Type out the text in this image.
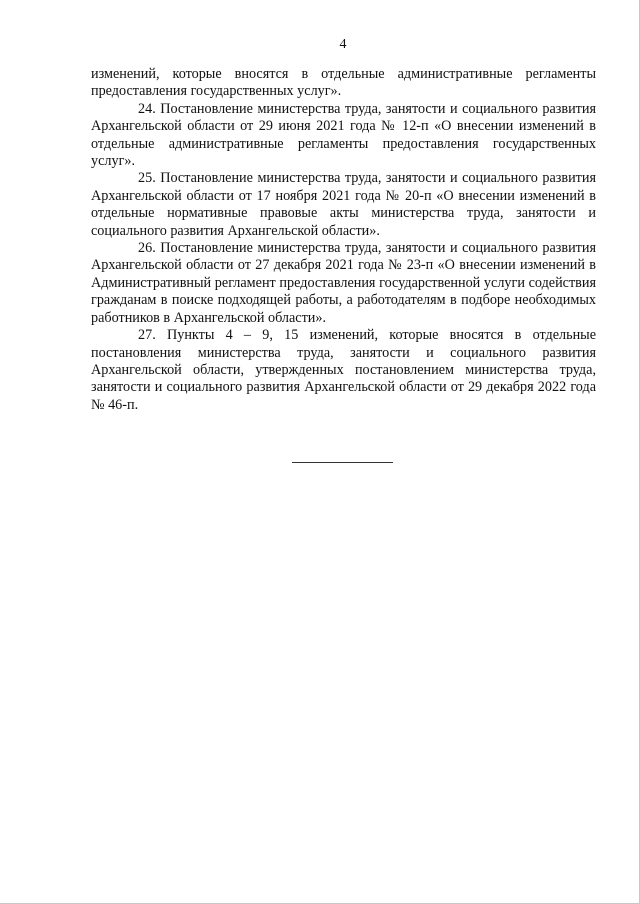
4

изменений, которые вносятся в отдельные административные регламенты предоставления государственных услуг».

24. Постановление министерства труда, занятости и социального развития Архангельской области от 29 июня 2021 года № 12-п «О внесении изменений в отдельные административные регламенты предоставления государственных услуг».

25. Постановление министерства труда, занятости и социального развития Архангельской области от 17 ноября 2021 года № 20-п «О внесении изменений в отдельные нормативные правовые акты министерства труда, занятости и социального развития Архангельской области».

26. Постановление министерства труда, занятости и социального развития Архангельской области от 27 декабря 2021 года № 23-п «О внесении изменений в Административный регламент предоставления государственной услуги содействия гражданам в поиске подходящей работы, а работодателям в подборе необходимых работников в Архангельской области».

27. Пункты 4 – 9, 15 изменений, которые вносятся в отдельные постановления министерства труда, занятости и социального развития Архангельской области, утвержденных постановлением министерства труда, занятости и социального развития Архангельской области от 29 декабря 2022 года № 46-п.
